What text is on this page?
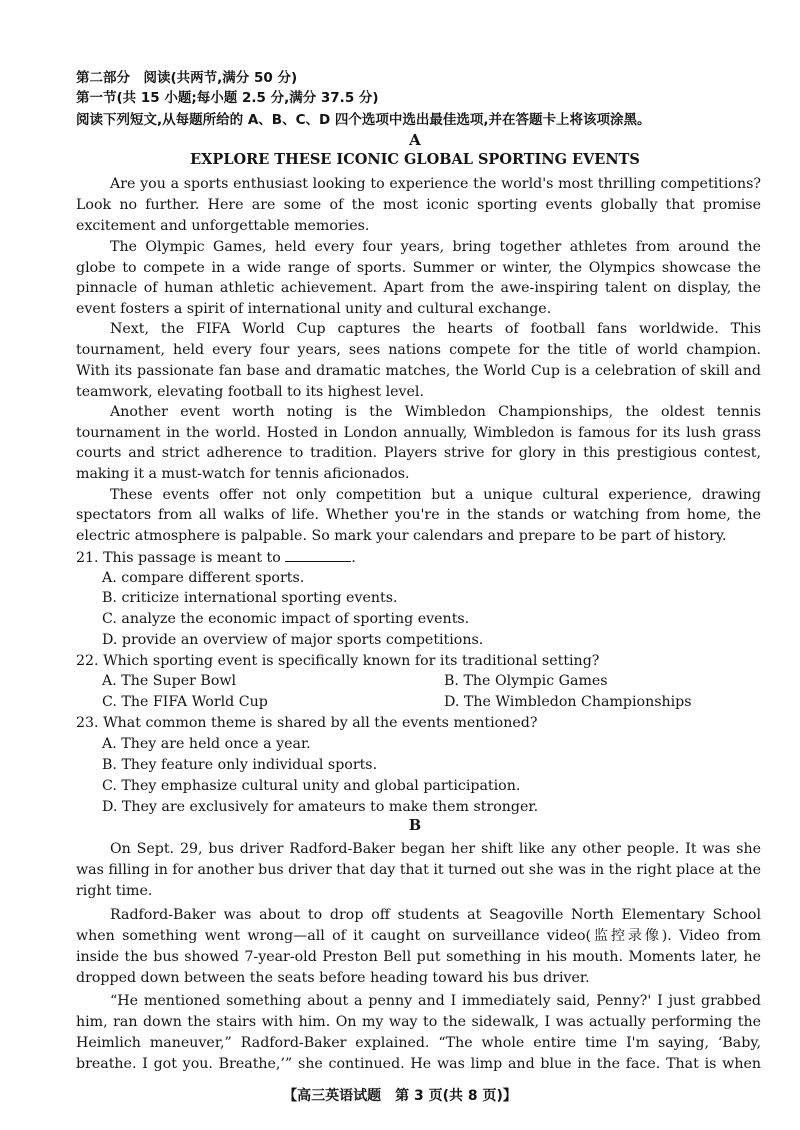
第二部分　阅读(共两节,满分 50 分)
第一节(共 15 小题;每小题 2.5 分,满分 37.5 分)
阅读下列短文,从每题所给的 A、B、C、D 四个选项中选出最佳选项,并在答题卡上将该项涂黑。
A
EXPLORE THESE ICONIC GLOBAL SPORTING EVENTS
Are you a sports enthusiast looking to experience the world's most thrilling competitions?
Look no further. Here are some of the most iconic sporting events globally that promise
excitement and unforgettable memories.
The Olympic Games, held every four years, bring together athletes from around the
globe to compete in a wide range of sports. Summer or winter, the Olympics showcase the
pinnacle of human athletic achievement. Apart from the awe-inspiring talent on display, the
event fosters a spirit of international unity and cultural exchange.
Next, the FIFA World Cup captures the hearts of football fans worldwide. This
tournament, held every four years, sees nations compete for the title of world champion.
With its passionate fan base and dramatic matches, the World Cup is a celebration of skill and
teamwork, elevating football to its highest level.
Another event worth noting is the Wimbledon Championships, the oldest tennis
tournament in the world. Hosted in London annually, Wimbledon is famous for its lush grass
courts and strict adherence to tradition. Players strive for glory in this prestigious contest,
making it a must-watch for tennis aficionados.
These events offer not only competition but a unique cultural experience, drawing
spectators from all walks of life. Whether you're in the stands or watching from home, the
electric atmosphere is palpable. So mark your calendars and prepare to be part of history.
21. This passage is meant to	.
A. compare different sports.
B. criticize international sporting events.
C. analyze the economic impact of sporting events.
D. provide an overview of major sports competitions.
22. Which sporting event is specifically known for its traditional setting?
A. The Super Bowl	B. The Olympic Games
C. The FIFA World Cup	D. The Wimbledon Championships
23. What common theme is shared by all the events mentioned?
A. They are held once a year.
B. They feature only individual sports.
C. They emphasize cultural unity and global participation.
D. They are exclusively for amateurs to make them stronger.
B
On Sept. 29, bus driver Radford-Baker began her shift like any other people. It was she
was filling in for another bus driver that day that it turned out she was in the right place at the
right time.
Radford-Baker was about to drop off students at Seagoville North Elementary School
when something went wrong—all of it caught on surveillance video(监控录像). Video from
inside the bus showed 7-year-old Preston Bell put something in his mouth. Moments later, he
dropped down between the seats before heading toward his bus driver.
“He mentioned something about a penny and I immediately said, Penny?' I just grabbed
him, ran down the stairs with him. On my way to the sidewalk, I was actually performing the
Heimlich maneuver,” Radford-Baker explained. “The whole entire time I'm saying, ‘Baby,
breathe. I got you. Breathe,’” she continued. He was limp and blue in the face. That is when
【高三英语试题　第 3 页(共 8 页)】
